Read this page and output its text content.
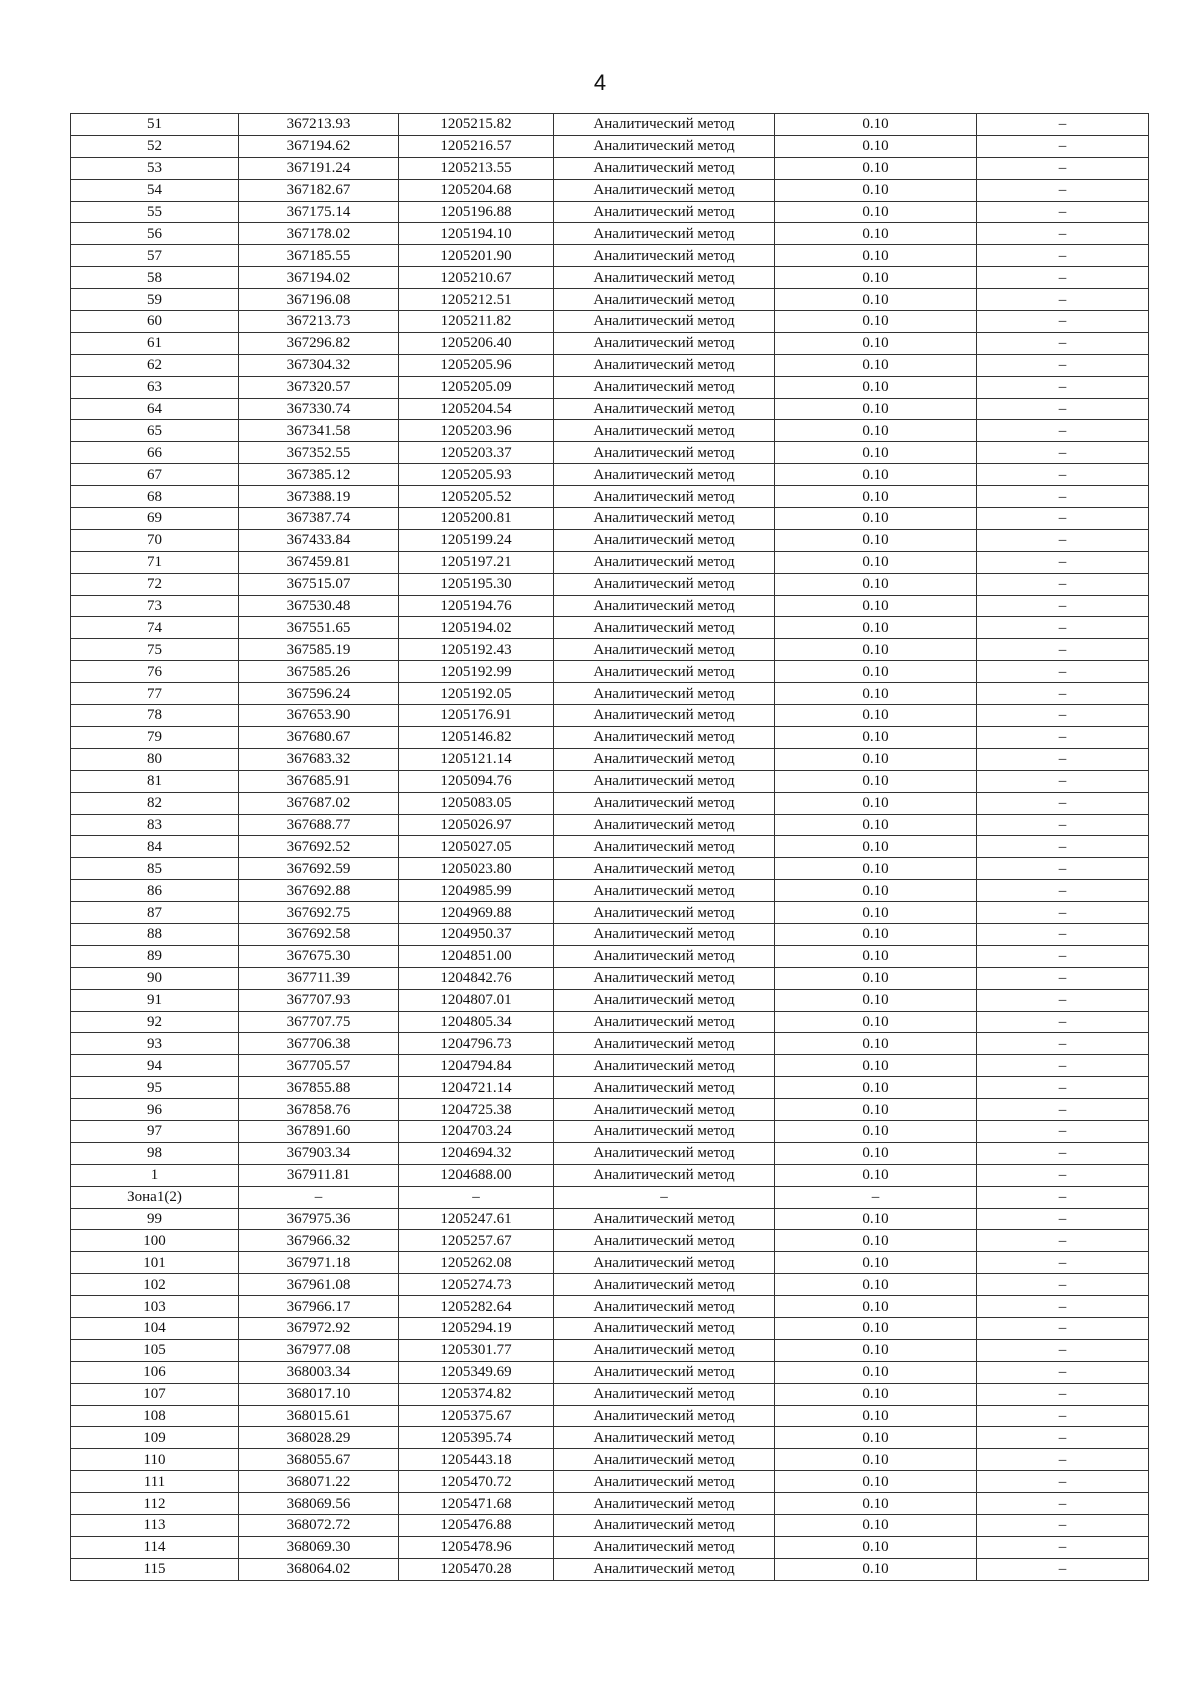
4
51	367213.93	1205215.82	Аналитический метод	0.10	–
52	367194.62	1205216.57	Аналитический метод	0.10	–
53	367191.24	1205213.55	Аналитический метод	0.10	–
54	367182.67	1205204.68	Аналитический метод	0.10	–
55	367175.14	1205196.88	Аналитический метод	0.10	–
56	367178.02	1205194.10	Аналитический метод	0.10	–
57	367185.55	1205201.90	Аналитический метод	0.10	–
58	367194.02	1205210.67	Аналитический метод	0.10	–
59	367196.08	1205212.51	Аналитический метод	0.10	–
60	367213.73	1205211.82	Аналитический метод	0.10	–
61	367296.82	1205206.40	Аналитический метод	0.10	–
62	367304.32	1205205.96	Аналитический метод	0.10	–
63	367320.57	1205205.09	Аналитический метод	0.10	–
64	367330.74	1205204.54	Аналитический метод	0.10	–
65	367341.58	1205203.96	Аналитический метод	0.10	–
66	367352.55	1205203.37	Аналитический метод	0.10	–
67	367385.12	1205205.93	Аналитический метод	0.10	–
68	367388.19	1205205.52	Аналитический метод	0.10	–
69	367387.74	1205200.81	Аналитический метод	0.10	–
70	367433.84	1205199.24	Аналитический метод	0.10	–
71	367459.81	1205197.21	Аналитический метод	0.10	–
72	367515.07	1205195.30	Аналитический метод	0.10	–
73	367530.48	1205194.76	Аналитический метод	0.10	–
74	367551.65	1205194.02	Аналитический метод	0.10	–
75	367585.19	1205192.43	Аналитический метод	0.10	–
76	367585.26	1205192.99	Аналитический метод	0.10	–
77	367596.24	1205192.05	Аналитический метод	0.10	–
78	367653.90	1205176.91	Аналитический метод	0.10	–
79	367680.67	1205146.82	Аналитический метод	0.10	–
80	367683.32	1205121.14	Аналитический метод	0.10	–
81	367685.91	1205094.76	Аналитический метод	0.10	–
82	367687.02	1205083.05	Аналитический метод	0.10	–
83	367688.77	1205026.97	Аналитический метод	0.10	–
84	367692.52	1205027.05	Аналитический метод	0.10	–
85	367692.59	1205023.80	Аналитический метод	0.10	–
86	367692.88	1204985.99	Аналитический метод	0.10	–
87	367692.75	1204969.88	Аналитический метод	0.10	–
88	367692.58	1204950.37	Аналитический метод	0.10	–
89	367675.30	1204851.00	Аналитический метод	0.10	–
90	367711.39	1204842.76	Аналитический метод	0.10	–
91	367707.93	1204807.01	Аналитический метод	0.10	–
92	367707.75	1204805.34	Аналитический метод	0.10	–
93	367706.38	1204796.73	Аналитический метод	0.10	–
94	367705.57	1204794.84	Аналитический метод	0.10	–
95	367855.88	1204721.14	Аналитический метод	0.10	–
96	367858.76	1204725.38	Аналитический метод	0.10	–
97	367891.60	1204703.24	Аналитический метод	0.10	–
98	367903.34	1204694.32	Аналитический метод	0.10	–
1	367911.81	1204688.00	Аналитический метод	0.10	–
Зона1(2)	–	–	–	–	–
99	367975.36	1205247.61	Аналитический метод	0.10	–
100	367966.32	1205257.67	Аналитический метод	0.10	–
101	367971.18	1205262.08	Аналитический метод	0.10	–
102	367961.08	1205274.73	Аналитический метод	0.10	–
103	367966.17	1205282.64	Аналитический метод	0.10	–
104	367972.92	1205294.19	Аналитический метод	0.10	–
105	367977.08	1205301.77	Аналитический метод	0.10	–
106	368003.34	1205349.69	Аналитический метод	0.10	–
107	368017.10	1205374.82	Аналитический метод	0.10	–
108	368015.61	1205375.67	Аналитический метод	0.10	–
109	368028.29	1205395.74	Аналитический метод	0.10	–
110	368055.67	1205443.18	Аналитический метод	0.10	–
111	368071.22	1205470.72	Аналитический метод	0.10	–
112	368069.56	1205471.68	Аналитический метод	0.10	–
113	368072.72	1205476.88	Аналитический метод	0.10	–
114	368069.30	1205478.96	Аналитический метод	0.10	–
115	368064.02	1205470.28	Аналитический метод	0.10	–
